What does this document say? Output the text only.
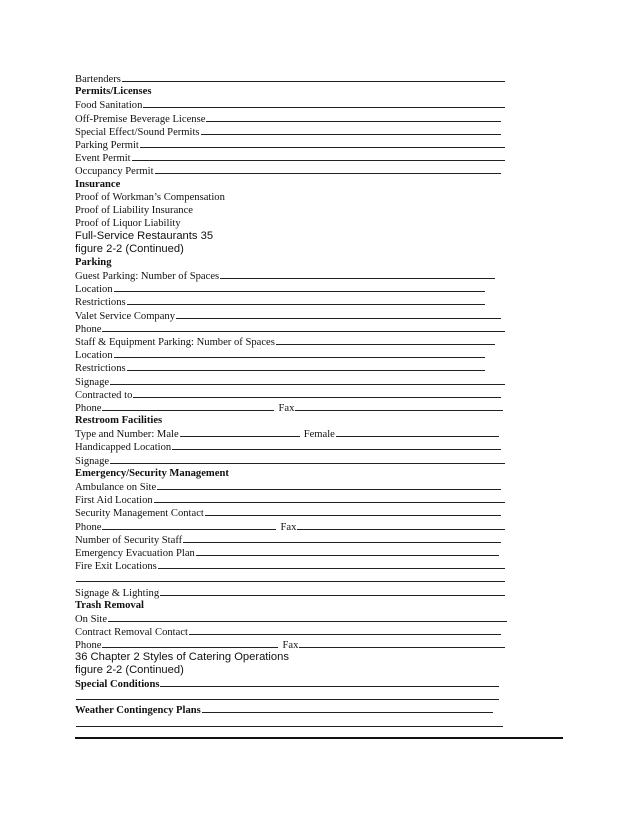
Bartenders
Permits/Licenses
Food Sanitation
Off-Premise Beverage License
Special Effect/Sound Permits
Parking Permit
Event Permit
Occupancy Permit
Insurance
Proof of Workman’s Compensation
Proof of Liability Insurance
Proof of Liquor Liability
Full-Service Restaurants 35
figure 2-2 (Continued)
Parking
Guest Parking: Number of Spaces
Location
Restrictions
Valet Service Company
Phone
Staff & Equipment Parking: Number of Spaces
Location
Restrictions
Signage
Contracted to
Phone	Fax
Restroom Facilities
Type and Number: Male	Female
Handicapped Location
Signage
Emergency/Security Management
Ambulance on Site
First Aid Location
Security Management Contact
Phone	Fax
Number of Security Staff
Emergency Evacuation Plan
Fire Exit Locations
Signage & Lighting
Trash Removal
On Site
Contract Removal Contact
Phone	Fax
36 Chapter 2 Styles of Catering Operations
figure 2-2 (Continued)
Special Conditions
Weather Contingency Plans
